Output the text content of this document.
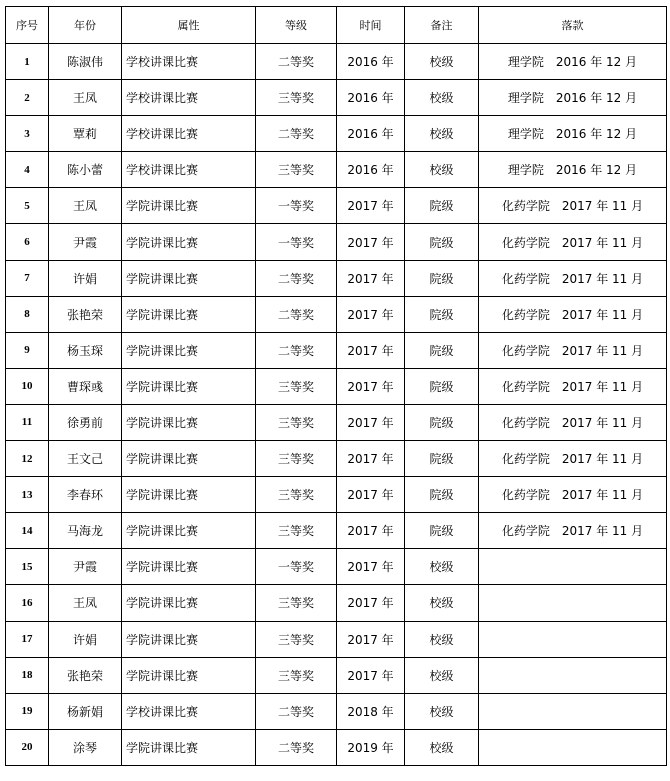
序号	年份	属性	等级	时间	备注	落款
1	陈淑伟	学校讲课比赛	二等奖	2016 年	校级	理学院　2016 年 12 月
2	王凤	学校讲课比赛	三等奖	2016 年	校级	理学院　2016 年 12 月
3	覃莉	学校讲课比赛	二等奖	2016 年	校级	理学院　2016 年 12 月
4	陈小蕾	学校讲课比赛	三等奖	2016 年	校级	理学院　2016 年 12 月
5	王凤	学院讲课比赛	一等奖	2017 年	院级	化药学院　2017 年 11 月
6	尹霞	学院讲课比赛	一等奖	2017 年	院级	化药学院　2017 年 11 月
7	许娟	学院讲课比赛	二等奖	2017 年	院级	化药学院　2017 年 11 月
8	张艳荣	学院讲课比赛	二等奖	2017 年	院级	化药学院　2017 年 11 月
9	杨玉琛	学院讲课比赛	二等奖	2017 年	院级	化药学院　2017 年 11 月
10	曹琛彧	学院讲课比赛	三等奖	2017 年	院级	化药学院　2017 年 11 月
11	徐勇前	学院讲课比赛	三等奖	2017 年	院级	化药学院　2017 年 11 月
12	王文己	学院讲课比赛	三等奖	2017 年	院级	化药学院　2017 年 11 月
13	李春环	学院讲课比赛	三等奖	2017 年	院级	化药学院　2017 年 11 月
14	马海龙	学院讲课比赛	三等奖	2017 年	院级	化药学院　2017 年 11 月
15	尹霞	学院讲课比赛	一等奖	2017 年	校级	
16	王凤	学院讲课比赛	三等奖	2017 年	校级	
17	许娟	学院讲课比赛	三等奖	2017 年	校级	
18	张艳荣	学院讲课比赛	三等奖	2017 年	校级	
19	杨新娟	学校讲课比赛	二等奖	2018 年	校级	
20	涂琴	学院讲课比赛	二等奖	2019 年	校级	
